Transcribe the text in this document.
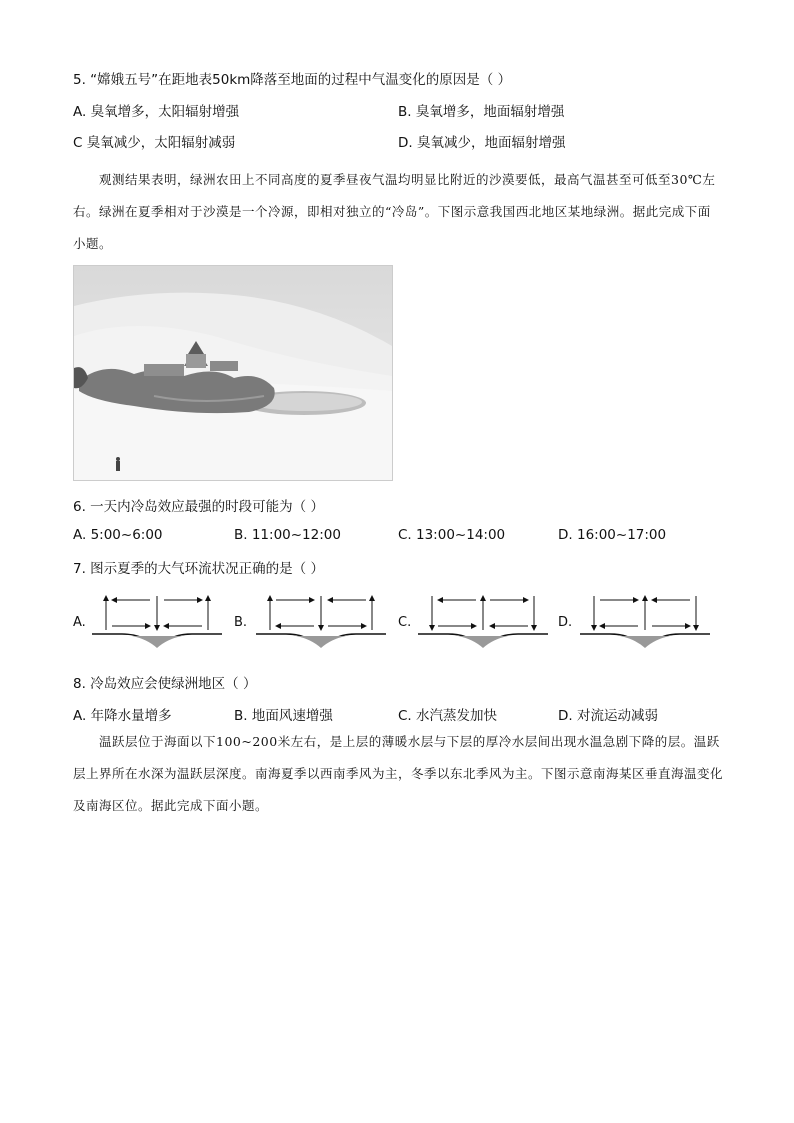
5. “嫦娥五号”在距地表50km降落至地面的过程中气温变化的原因是（ ）
A. 臭氧增多，太阳辐射增强	B. 臭氧增多，地面辐射增强
C 臭氧减少，太阳辐射减弱	D. 臭氧减少，地面辐射增强
观测结果表明，绿洲农田上不同高度的夏季昼夜气温均明显比附近的沙漠要低，最高气温甚至可低至30℃左右。绿洲在夏季相对于沙漠是一个冷源，即相对独立的“冷岛”。下图示意我国西北地区某地绿洲。据此完成下面小题。
6. 一天内冷岛效应最强的时段可能为（ ）
A. 5:00~6:00	B. 11:00~12:00	C. 13:00~14:00	D. 16:00~17:00
7. 图示夏季的大气环流状况正确的是（ ）
A.	B.	C.	D.
8. 冷岛效应会使绿洲地区（ ）
A. 年降水量增多	B. 地面风速增强	C. 水汽蒸发加快	D. 对流运动减弱
温跃层位于海面以下100~200米左右，是上层的薄暖水层与下层的厚冷水层间出现水温急剧下降的层。温跃层上界所在水深为温跃层深度。南海夏季以西南季风为主，冬季以东北季风为主。下图示意南海某区垂直海温变化及南海区位。据此完成下面小题。
